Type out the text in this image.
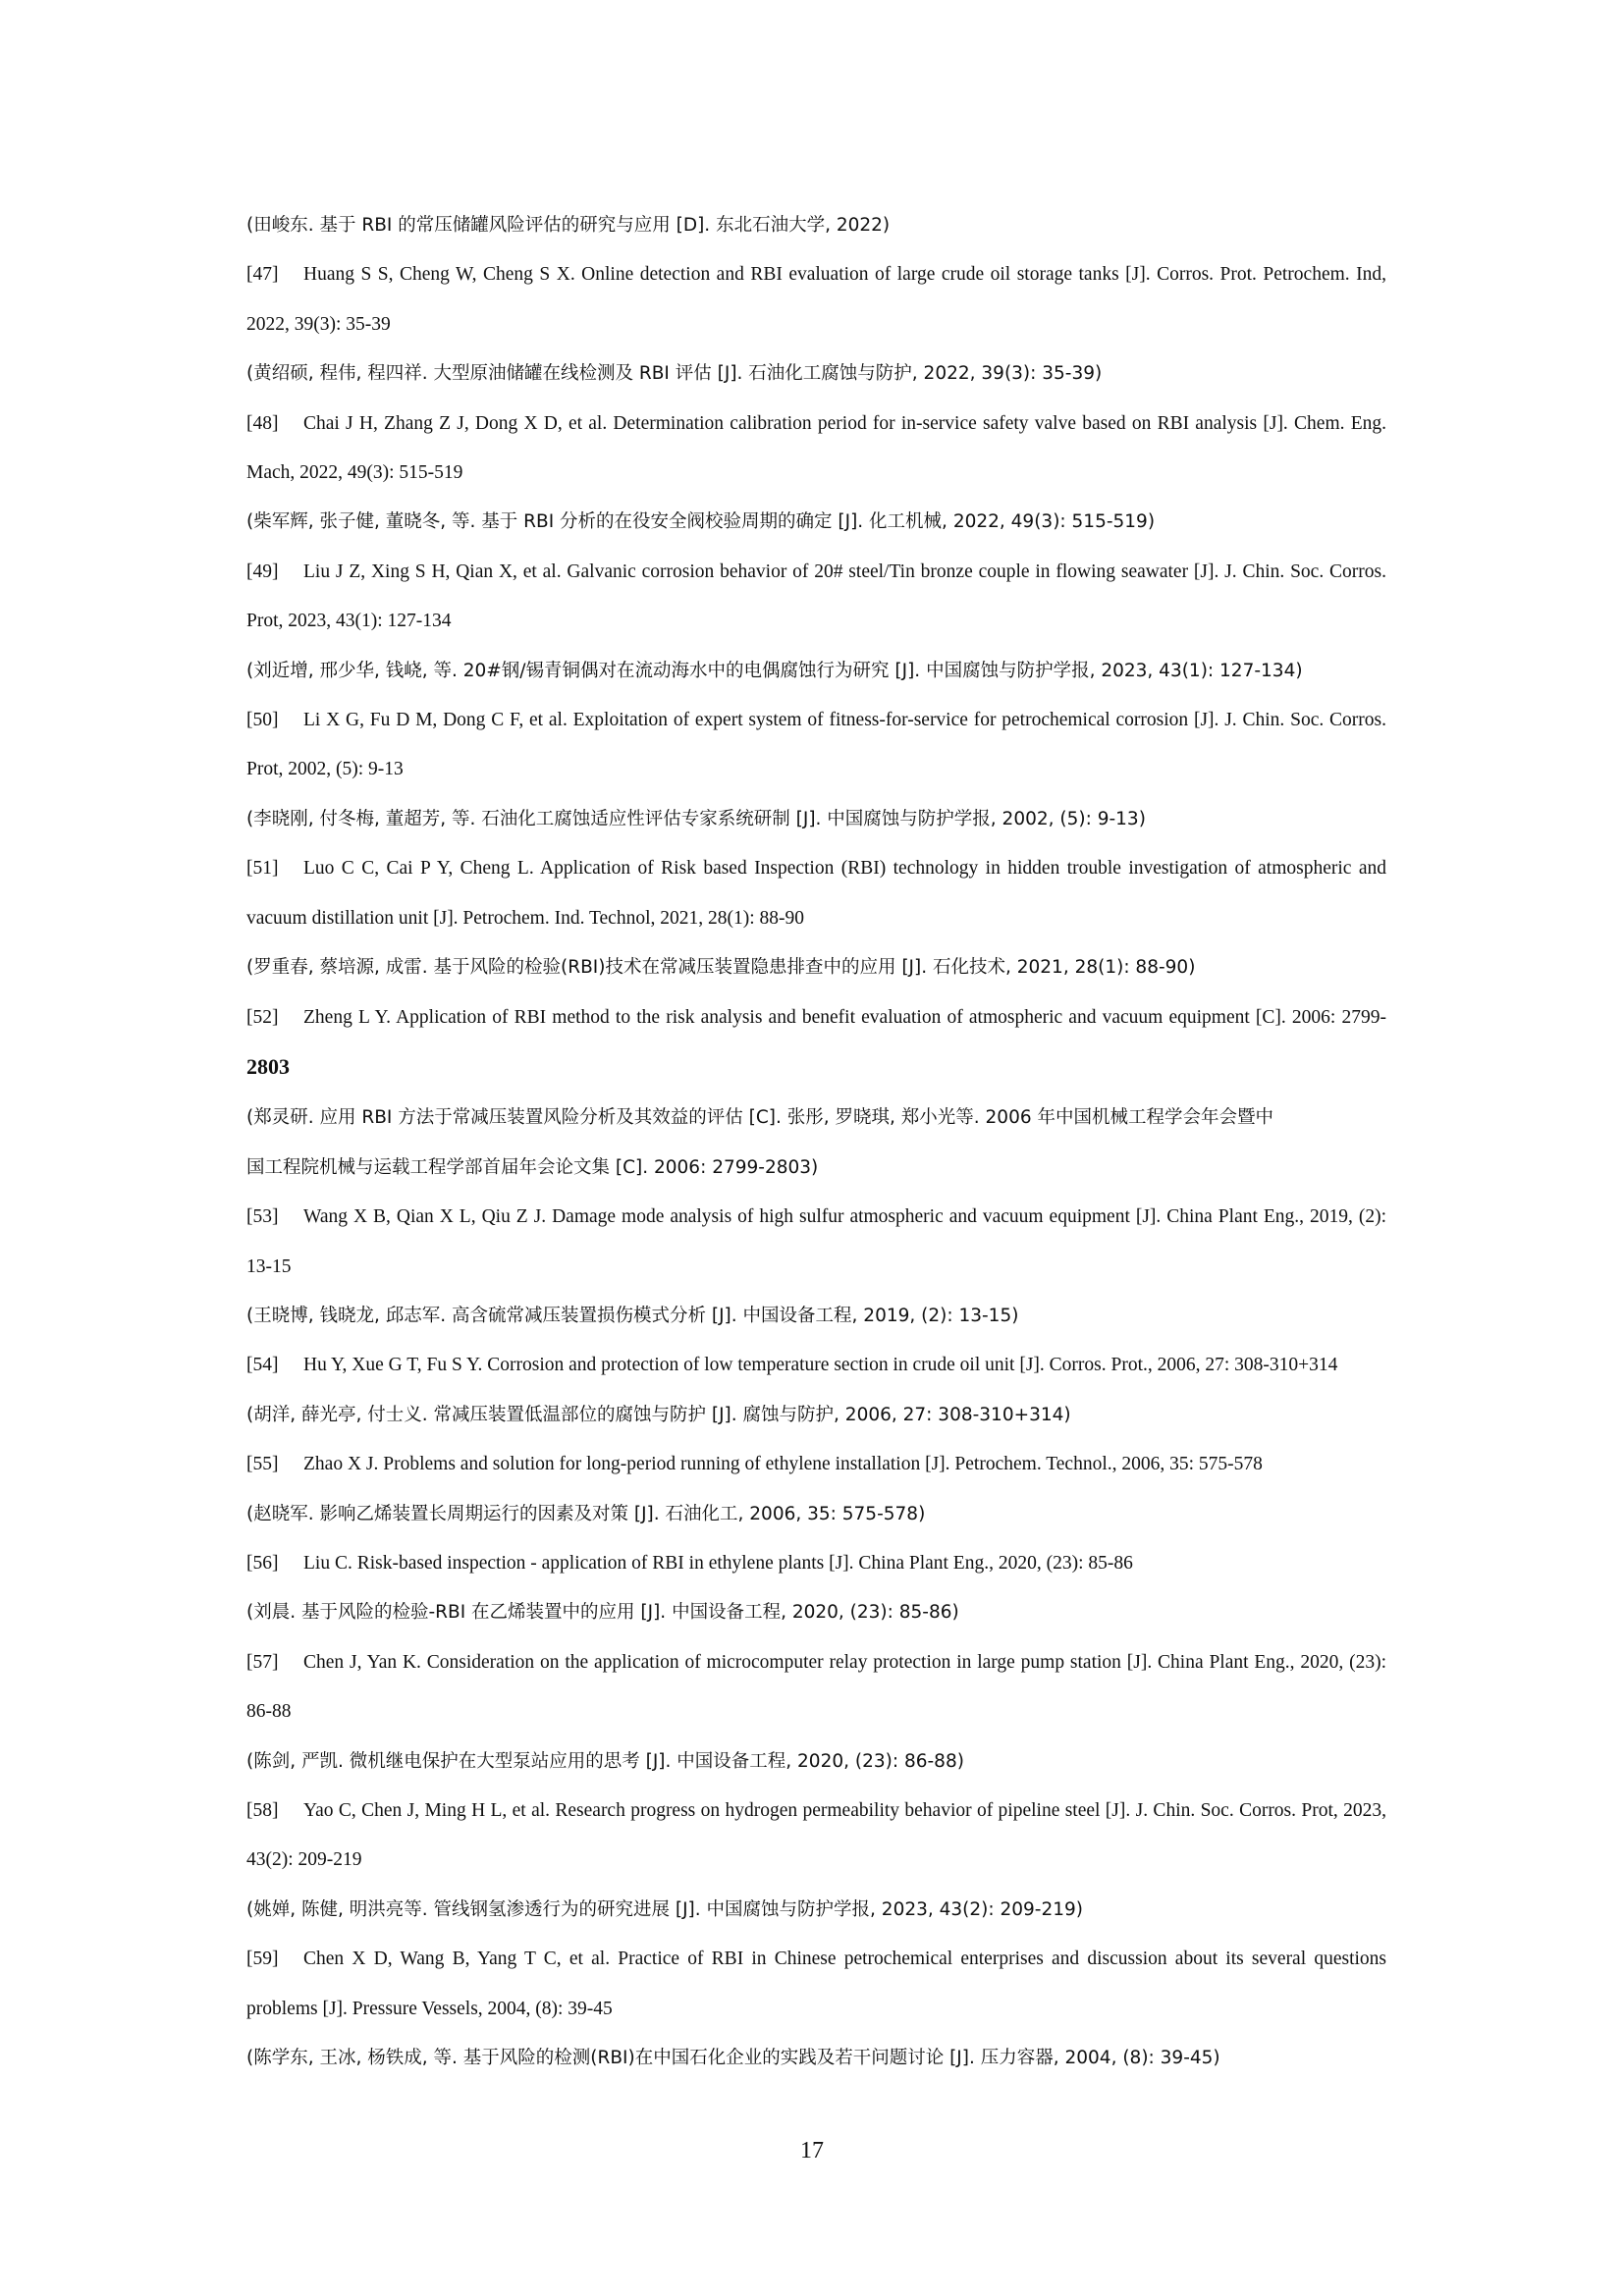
(田峻东. 基于 RBI 的常压储罐风险评估的研究与应用 [D]. 东北石油大学, 2022)

[47] Huang S S, Cheng W, Cheng S X. Online detection and RBI evaluation of large crude oil storage tanks [J]. Corros. Prot. Petrochem. Ind, 2022, 39(3): 35-39

(黄绍硕, 程伟, 程四祥. 大型原油储罐在线检测及 RBI 评估 [J]. 石油化工腐蚀与防护, 2022, 39(3): 35-39)

[48] Chai J H, Zhang Z J, Dong X D, et al. Determination calibration period for in-service safety valve based on RBI analysis [J]. Chem. Eng. Mach, 2022, 49(3): 515-519

(柴军辉, 张子健, 董晓冬, 等. 基于 RBI 分析的在役安全阀校验周期的确定 [J]. 化工机械, 2022, 49(3): 515-519)

[49] Liu J Z, Xing S H, Qian X, et al. Galvanic corrosion behavior of 20# steel/Tin bronze couple in flowing seawater [J]. J. Chin. Soc. Corros. Prot, 2023, 43(1): 127-134

(刘近增, 邢少华, 钱峣, 等. 20#钢/锡青铜偶对在流动海水中的电偶腐蚀行为研究 [J]. 中国腐蚀与防护学报, 2023, 43(1): 127-134)

[50] Li X G, Fu D M, Dong C F, et al. Exploitation of expert system of fitness-for-service for petrochemical corrosion [J]. J. Chin. Soc. Corros. Prot, 2002, (5): 9-13

(李晓刚, 付冬梅, 董超芳, 等. 石油化工腐蚀适应性评估专家系统研制 [J]. 中国腐蚀与防护学报, 2002, (5): 9-13)

[51] Luo C C, Cai P Y, Cheng L. Application of Risk based Inspection (RBI) technology in hidden trouble investigation of atmospheric and vacuum distillation unit [J]. Petrochem. Ind. Technol, 2021, 28(1): 88-90

(罗重春, 蔡培源, 成雷. 基于风险的检验(RBI)技术在常减压装置隐患排查中的应用 [J]. 石化技术, 2021, 28(1): 88-90)

[52] Zheng L Y. Application of RBI method to the risk analysis and benefit evaluation of atmospheric and vacuum equipment [C]. 2006: 2799-2803

(郑灵研. 应用 RBI 方法于常减压装置风险分析及其效益的评估 [C]. 张彤, 罗晓琪, 郑小光等. 2006 年中国机械工程学会年会暨中

国工程院机械与运载工程学部首届年会论文集 [C]. 2006: 2799-2803)

[53] Wang X B, Qian X L, Qiu Z J. Damage mode analysis of high sulfur atmospheric and vacuum equipment [J]. China Plant Eng., 2019, (2): 13-15

(王晓博, 钱晓龙, 邱志军. 高含硫常减压装置损伤模式分析 [J]. 中国设备工程, 2019, (2): 13-15)

[54] Hu Y, Xue G T, Fu S Y. Corrosion and protection of low temperature section in crude oil unit [J]. Corros. Prot., 2006, 27: 308-310+314

(胡洋, 薛光亭, 付士义. 常减压装置低温部位的腐蚀与防护 [J]. 腐蚀与防护, 2006, 27: 308-310+314)

[55] Zhao X J. Problems and solution for long-period running of ethylene installation [J]. Petrochem. Technol., 2006, 35: 575-578

(赵晓军. 影响乙烯装置长周期运行的因素及对策 [J]. 石油化工, 2006, 35: 575-578)

[56] Liu C. Risk-based inspection - application of RBI in ethylene plants [J]. China Plant Eng., 2020, (23): 85-86

(刘晨. 基于风险的检验-RBI 在乙烯装置中的应用 [J]. 中国设备工程, 2020, (23): 85-86)

[57] Chen J, Yan K. Consideration on the application of microcomputer relay protection in large pump station [J]. China Plant Eng., 2020, (23): 86-88

(陈剑, 严凯. 微机继电保护在大型泵站应用的思考 [J]. 中国设备工程, 2020, (23): 86-88)

[58] Yao C, Chen J, Ming H L, et al. Research progress on hydrogen permeability behavior of pipeline steel [J]. J. Chin. Soc. Corros. Prot, 2023, 43(2): 209-219

(姚婵, 陈健, 明洪亮等. 管线钢氢渗透行为的研究进展 [J]. 中国腐蚀与防护学报, 2023, 43(2): 209-219)

[59] Chen X D, Wang B, Yang T C, et al. Practice of RBI in Chinese petrochemical enterprises and discussion about its several questions problems [J]. Pressure Vessels, 2004, (8): 39-45

(陈学东, 王冰, 杨铁成, 等. 基于风险的检测(RBI)在中国石化企业的实践及若干问题讨论 [J]. 压力容器, 2004, (8): 39-45)

17
